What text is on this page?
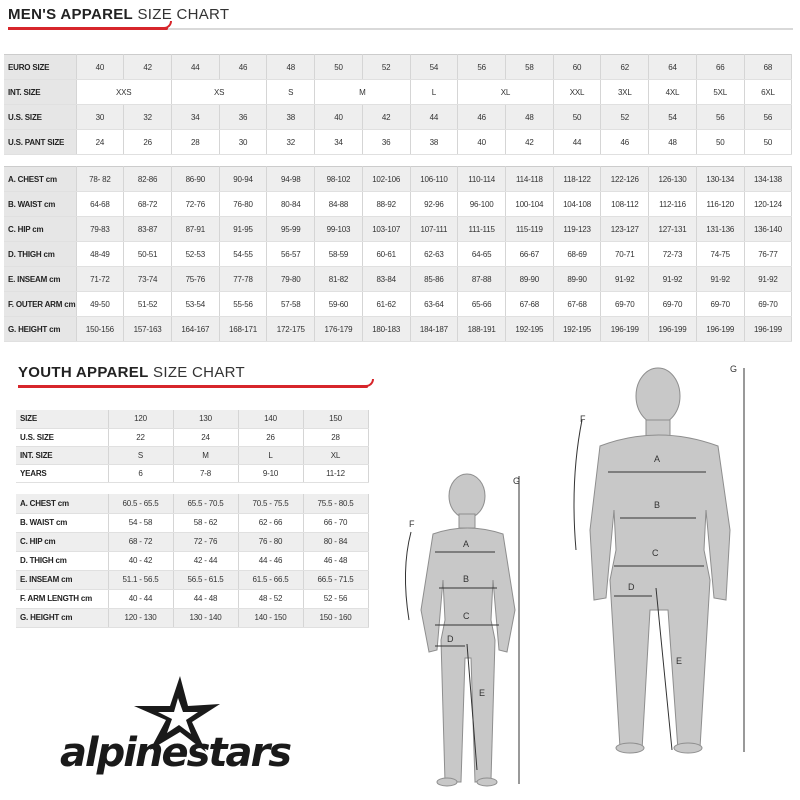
MEN'S APPAREL SIZE CHART
EURO SIZE	40	42	44	46	48	50	52	54	56	58	60	62	64	66	68
INT. SIZE	XXS		XS		S	M		L	XL		XXL	3XL	4XL	5XL	6XL
U.S. SIZE	30	32	34	36	38	40	42	44	46	48	50	52	54	56	56
U.S. PANT SIZE	24	26	28	30	32	34	36	38	40	42	44	46	48	50	50
A. CHEST cm	78- 82	82-86	86-90	90-94	94-98	98-102	102-106	106-110	110-114	114-118	118-122	122-126	126-130	130-134	134-138
B. WAIST cm	64-68	68-72	72-76	76-80	80-84	84-88	88-92	92-96	96-100	100-104	104-108	108-112	112-116	116-120	120-124
C. HIP cm	79-83	83-87	87-91	91-95	95-99	99-103	103-107	107-111	111-115	115-119	119-123	123-127	127-131	131-136	136-140
D. THIGH cm	48-49	50-51	52-53	54-55	56-57	58-59	60-61	62-63	64-65	66-67	68-69	70-71	72-73	74-75	76-77
E. INSEAM cm	71-72	73-74	75-76	77-78	79-80	81-82	83-84	85-86	87-88	89-90	89-90	91-92	91-92	91-92	91-92
F. OUTER ARM cm	49-50	51-52	53-54	55-56	57-58	59-60	61-62	63-64	65-66	67-68	67-68	69-70	69-70	69-70	69-70
G. HEIGHT cm	150-156	157-163	164-167	168-171	172-175	176-179	180-183	184-187	188-191	192-195	192-195	196-199	196-199	196-199	196-199
YOUTH APPAREL SIZE CHART
SIZE	120	130	140	150
U.S. SIZE	22	24	26	28
INT. SIZE	S	M	L	XL
YEARS	6	7-8	9-10	11-12
A. CHEST cm	60.5 - 65.5	65.5 - 70.5	70.5 - 75.5	75.5 - 80.5
B. WAIST cm	54 - 58	58 - 62	62 - 66	66 - 70
C. HIP cm	68 - 72	72 - 76	76 - 80	80 - 84
D. THIGH cm	40 - 42	42 - 44	44 - 46	46 - 48
E. INSEAM cm	51.1 - 56.5	56.5 - 61.5	61.5 - 66.5	66.5 - 71.5
F. ARM LENGTH cm	40 - 44	44 - 48	48 - 52	52 - 56
G. HEIGHT cm	120 - 130	130 - 140	140 - 150	150 - 160
alpinestars
A
B
C
D
E
F
G
A
B
C
D
E
F
G
